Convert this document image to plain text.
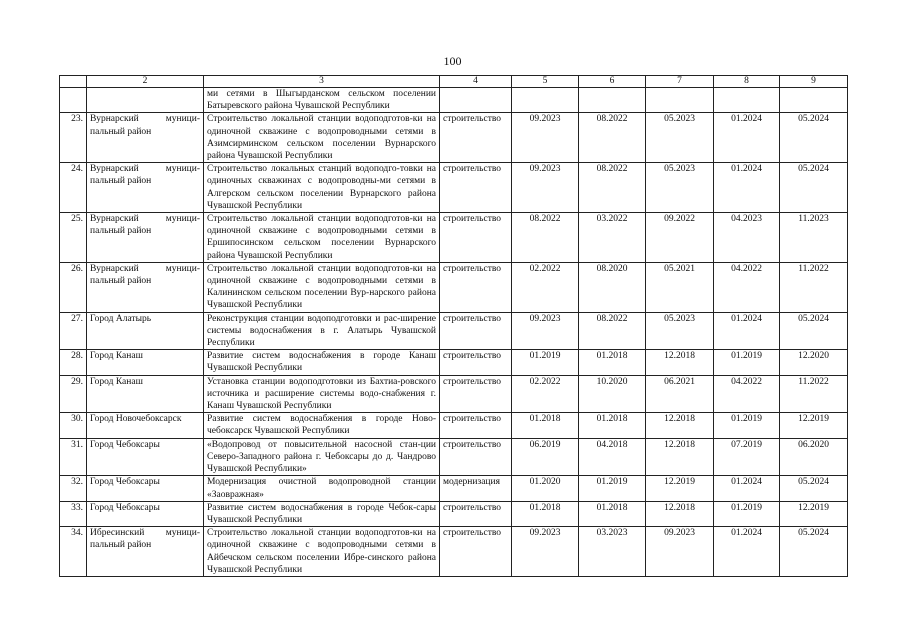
100
	2	3	4	5	6	7	8	9
		ми сетями в Шыгырданском сельском поселении Батыревского района Чувашской Республики						
23.	Вурнарский муници-пальный район	Строительство локальной станции водоподготов-ки на одиночной скважине с водопроводными сетями в Азимсирминском сельском поселении Вурнарского района Чувашской Республики	строительство	09.2023	08.2022	05.2023	01.2024	05.2024
24.	Вурнарский муници-пальный район	Строительство локальных станций водоподго-товки на одиночных скважинах с водопроводны-ми сетями в Алгерском сельском поселении Вурнарского района Чувашской Республики	строительство	09.2023	08.2022	05.2023	01.2024	05.2024
25.	Вурнарский муници-пальный район	Строительство локальной станции водоподготов-ки на одиночной скважине с водопроводными сетями в Ершипосинском сельском поселении Вурнарского района Чувашской Республики	строительство	08.2022	03.2022	09.2022	04.2023	11.2023
26.	Вурнарский муници-пальный район	Строительство локальной станции водоподготов-ки на одиночной скважине с водопроводными сетями в Калининском сельском поселении Вур-нарского района Чувашской Республики	строительство	02.2022	08.2020	05.2021	04.2022	11.2022
27.	Город Алатырь	Реконструкция станции водоподготовки и рас-ширение системы водоснабжения в г. Алатырь Чувашской Республики	строительство	09.2023	08.2022	05.2023	01.2024	05.2024
28.	Город Канаш	Развитие систем водоснабжения в городе Канаш Чувашской Республики	строительство	01.2019	01.2018	12.2018	01.2019	12.2020
29.	Город Канаш	Установка станции водоподготовки из Бахтиа-ровского источника и расширение системы водо-снабжения г. Канаш Чувашской Республики	строительство	02.2022	10.2020	06.2021	04.2022	11.2022
30.	Город Новочебоксарск	Развитие систем водоснабжения в городе Ново-чебоксарск Чувашской Республики	строительство	01.2018	01.2018	12.2018	01.2019	12.2019
31.	Город Чебоксары	«Водопровод от повысительной насосной стан-ции Северо-Западного района г. Чебоксары до д. Чандрово Чувашской Республики»	строительство	06.2019	04.2018	12.2018	07.2019	06.2020
32.	Город Чебоксары	Модернизация очистной водопроводной станции «Заовражная»	модернизация	01.2020	01.2019	12.2019	01.2024	05.2024
33.	Город Чебоксары	Развитие систем водоснабжения в городе Чебок-сары Чувашской Республики	строительство	01.2018	01.2018	12.2018	01.2019	12.2019
34.	Ибресинский муници-пальный район	Строительство локальной станции водоподготов-ки на одиночной скважине с водопроводными сетями в Айбечском сельском поселении Ибре-синского района Чувашской Республики	строительство	09.2023	03.2023	09.2023	01.2024	05.2024
